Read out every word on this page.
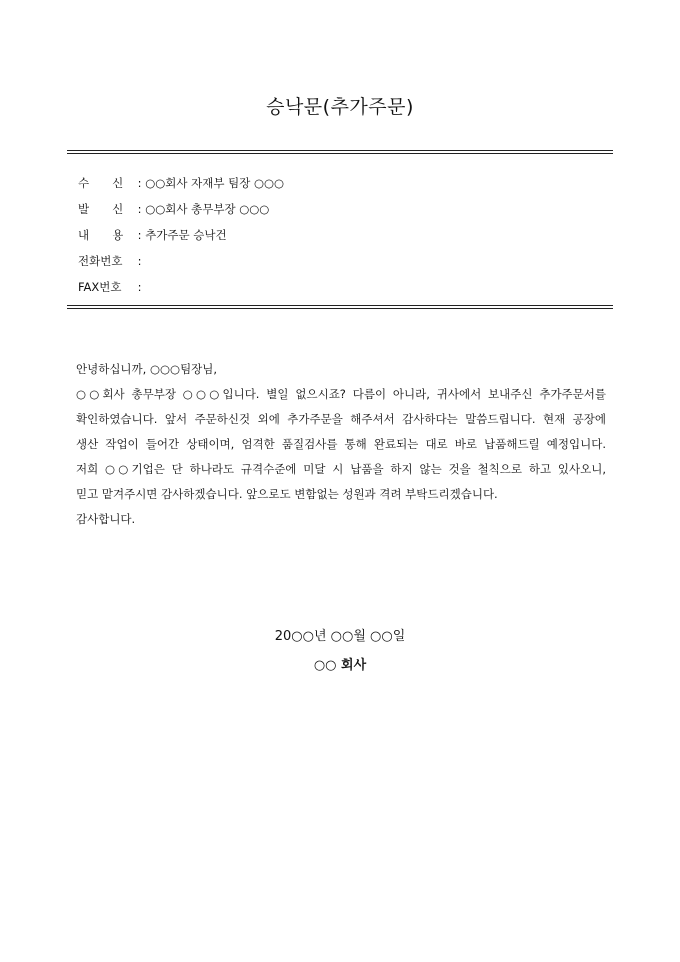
승낙문(추가주문)
수　　신 : ○○회사 자재부 팀장 ○○○
발　　신 : ○○회사 총무부장 ○○○
내　　용 : 추가주문 승낙건
전화번호 :
FAX번호 :
안녕하십니까, ○○○팀장님,
○○회사 총무부장 ○○○입니다. 별일 없으시죠? 다름이 아니라, 귀사에서 보내주신 추가주문서를
확인하였습니다. 앞서 주문하신것 외에 추가주문을 해주셔서 감사하다는 말씀드립니다. 현재 공장에
생산 작업이 들어간 상태이며, 엄격한 품질검사를 통해 완료되는 대로 바로 납품해드릴 예정입니다.
저희 ○○기업은 단 하나라도 규격수준에 미달 시 납품을 하지 않는 것을 철칙으로 하고 있사오니,
믿고 맡겨주시면 감사하겠습니다. 앞으로도 변함없는 성원과 격려 부탁드리겠습니다.
감사합니다.
20○○년 ○○월 ○○일
○○ 회사
